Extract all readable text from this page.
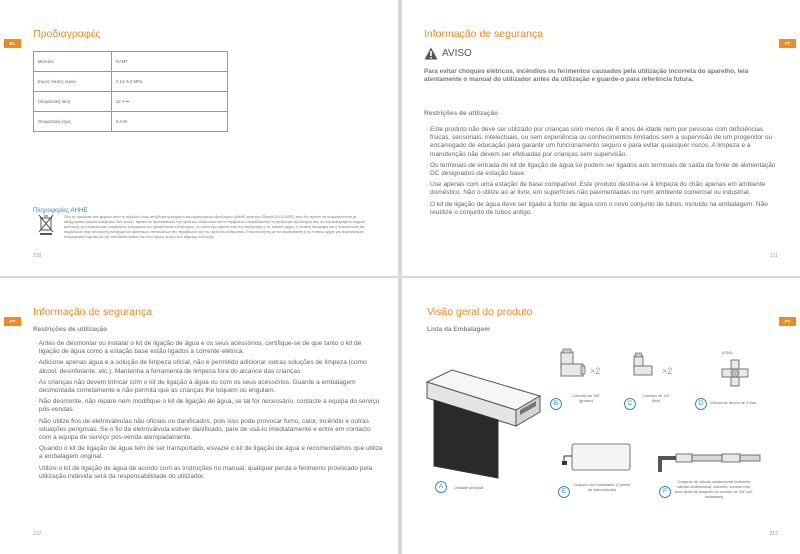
EL
Προδιαγραφές
Μοντέλο	RAMT
Εύρος πίεσης νερού	0,14–5,0 MPa
Ονομαστική τάση	12 V ⎓
Ονομαστική ισχύς	8,4 W
Πληροφορίες ΑΗΗΕ

Όλα τα προϊόντα που φέρουν αυτό το σύμβολο είναι απόβλητα ηλεκτρικού και ηλεκτρονικού εξοπλισμού (ΑΗΗΕ κατά την Οδηγία 2012/19/ΕΕ) που δεν πρέπει να αναμειγνύονται με αδιαχώριστα οικιακά απόβλητα. Αντ' αυτού, πρέπει να προστατεύετε την υγεία του ανθρώπου και το περιβάλλον παραδίδοντας τα απόβλητα εξοπλισμού σας σε ένα καθορισμένο σημείο συλλογής για ανακύκλωση αποβλήτων ηλεκτρικού και ηλεκτρονικού εξοπλισμού, το οποίο έχει οριστεί από την κυβέρνηση ή τις τοπικές αρχές. Η σωστή απόρριψη και η ανακύκλωση θα συμβάλουν στην αποτροπή ενδεχόμενων αρνητικών επιπτώσεων στο περιβάλλον και την υγεία του ανθρώπου. Επικοινωνήστε με τον εγκαταστάτη ή τις τοπικές αρχές για περισσότερες πληροφορίες σχετικά με την τοποθεσία καθώς και τους όρους αυτών των σημείων συλλογής.

210
PT
Informação de segurança
AVISO

Para evitar choques elétricos, incêndios ou ferimentos causados pela utilização incorreta do aparelho, leia atentamente o manual do utilizador antes da utilização e guarde-o para referência futura.

Restrições de utilização
· Este produto não deve ser utilizado por crianças com menos de 8 anos de idade nem por pessoas com deficiências físicas, sensoriais, intelectuais, ou sem experiência ou conhecimentos limitados sem a supervisão de um progenitor ou encarregado de educação para garantir um funcionamento seguro e para evitar quaisquer riscos. A limpeza e a manutenção não devem ser efetuadas por crianças sem supervisão.
· Os terminais de entrada do kit de ligação de água só podem ser ligados aos terminais de saída da fonte de alimentação DC designados da estação base.
· Use apenas com uma estação de base compatível. Este produto destina-se à limpeza do chão apenas em ambiente doméstico. Não o utilize ao ar livre, em superfícies não pavimentadas ou num ambiente comercial ou industrial.
· O kit de ligação de água deve ser ligado à fonte de água com o novo conjunto de tubos, incluído na embalagem. Não reutilize o conjunto de tubos antigo.
211
PT
Informação de segurança
Restrições de utilização
· Antes de desmontar ou instalar o kit de ligação de água e os seus acessórios, certifique-se de que tanto o kit de ligação de água como a estação base estão ligados à corrente elétrica.
· Adicione apenas água e a solução de limpeza oficial, não é permitido adicionar outras soluções de limpeza (como álcool, desinfetante, etc.). Mantenha a ferramenta de limpeza fora do alcance das crianças.
· As crianças não devem brincar com o kit de ligação à água ou com os seus acessórios. Guarde a embalagem desmontada corretamente e não permita que as crianças lhe toquem ou engulam.
· Não desmonte, não repare nem modifique o kit de ligação de água, se tal for necessário, contacte a equipa do serviço pós-vendas.
· Não utilize fios de eletroválvulas não oficiais ou danificados, pois isso pode provocar fumo, calor, incêndio e outras situações perigosas. Se o fio da eletroválvula estiver danificado, pare de usá-lo imediatamente e entre em contacto com a equipa de serviço pós-venda atempadamente.
· Quando o kit de ligação de água tem de ser transportado, esvazie o kit de ligação de água e recomendamos que utilize a embalagem original.
· Utilize o kit de ligação de água de acordo com as instruções no manual; qualquer perda e ferimento provocado pela utilização indevida será da responsabilidade do utilizador.
212
PT
Visão geral do produto
Lista da Embalagem
A	Unidade principal
×2
B
Cotovelo de 3/8" (grosso)
×2
C
Cotovelo de 1/4" (fino)
(G3/8)
D	Válvula de desvio de 3 vias
E
Conjunto do Controlador (Conetor da eletroválvula)	F
Conjunto de válvula unidirecional (incluindo válvula unidirecional, cotovelo, conetor reto, dois clipes de bloqueio do conetor de 3/8" pré-instalados)
213
